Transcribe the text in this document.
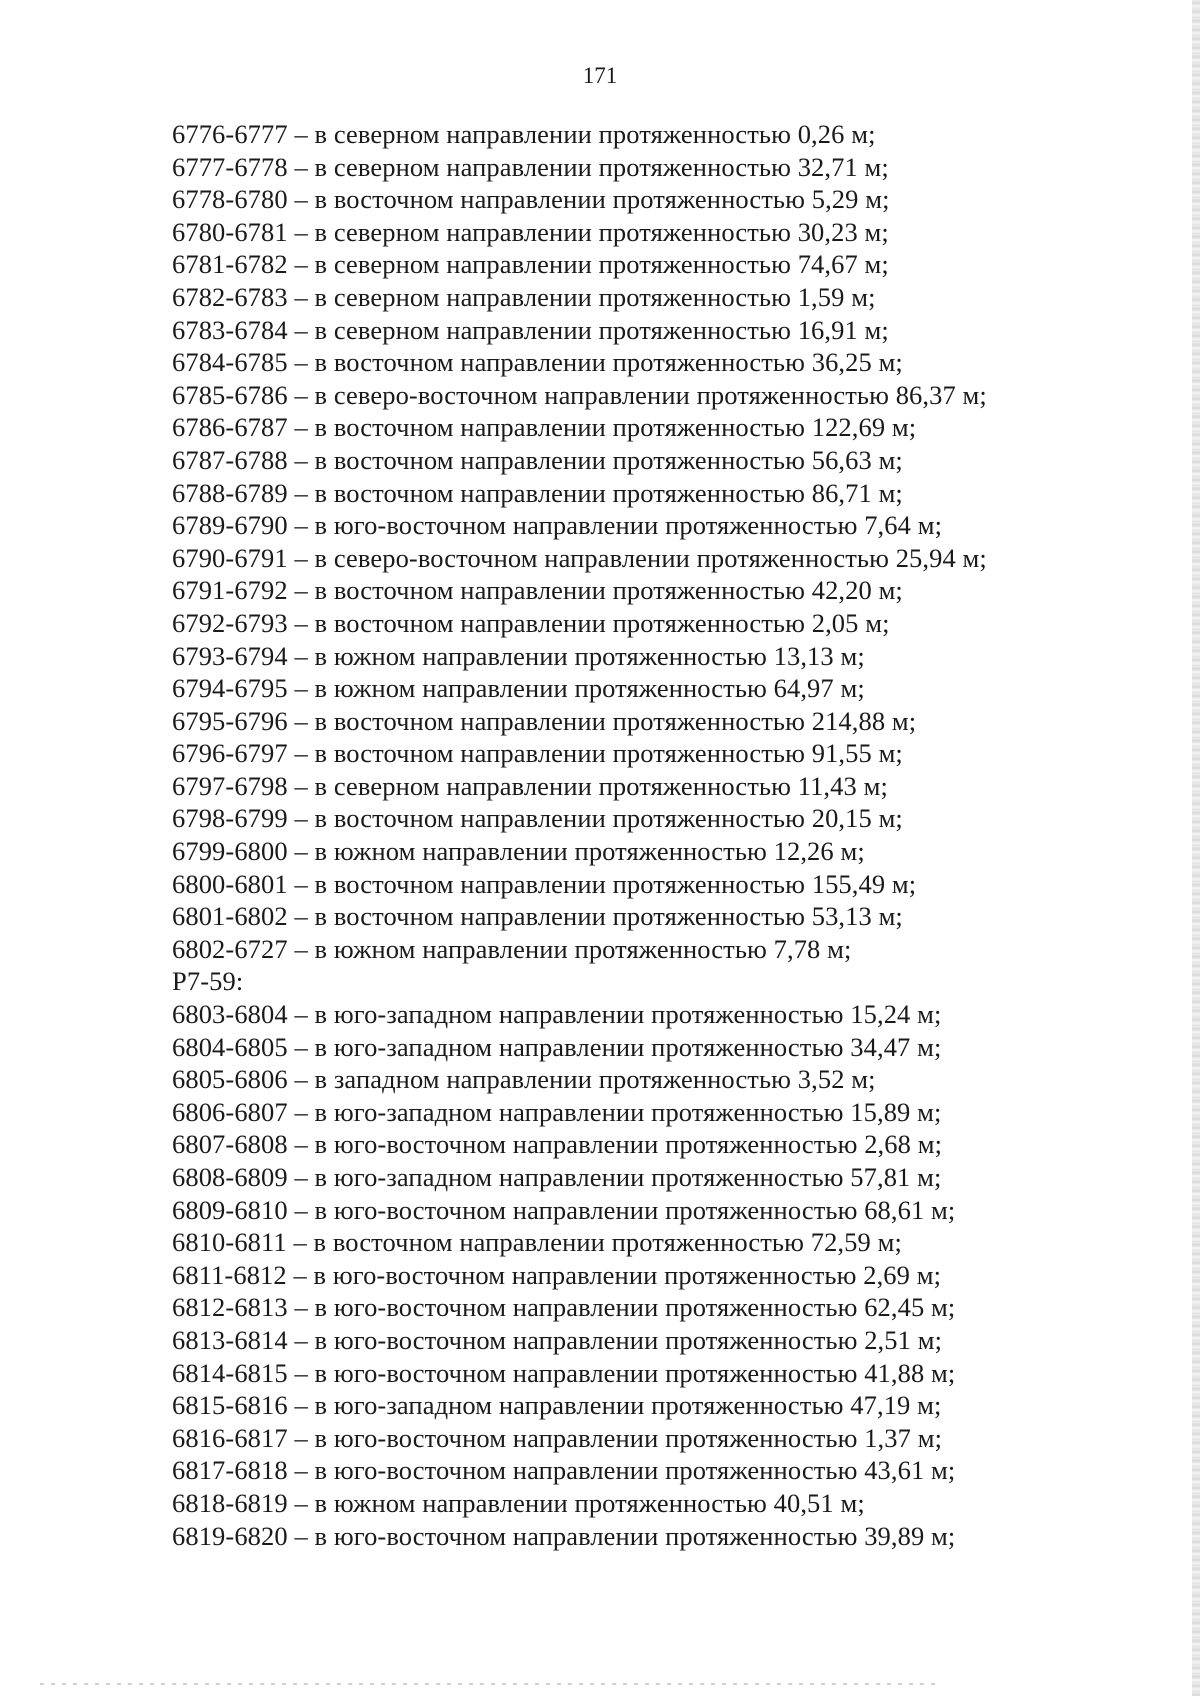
171
6776-6777 – в северном направлении протяженностью 0,26 м;
6777-6778 – в северном направлении протяженностью 32,71 м;
6778-6780 – в восточном направлении протяженностью 5,29 м;
6780-6781 – в северном направлении протяженностью 30,23 м;
6781-6782 – в северном направлении протяженностью 74,67 м;
6782-6783 – в северном направлении протяженностью 1,59 м;
6783-6784 – в северном направлении протяженностью 16,91 м;
6784-6785 – в восточном направлении протяженностью 36,25 м;
6785-6786 – в северо-восточном направлении протяженностью 86,37 м;
6786-6787 – в восточном направлении протяженностью 122,69 м;
6787-6788 – в восточном направлении протяженностью 56,63 м;
6788-6789 – в восточном направлении протяженностью 86,71 м;
6789-6790 – в юго-восточном направлении протяженностью 7,64 м;
6790-6791 – в северо-восточном направлении протяженностью 25,94 м;
6791-6792 – в восточном направлении протяженностью 42,20 м;
6792-6793 – в восточном направлении протяженностью 2,05 м;
6793-6794 – в южном направлении протяженностью 13,13 м;
6794-6795 – в южном направлении протяженностью 64,97 м;
6795-6796 – в восточном направлении протяженностью 214,88 м;
6796-6797 – в восточном направлении протяженностью 91,55 м;
6797-6798 – в северном направлении протяженностью 11,43 м;
6798-6799 – в восточном направлении протяженностью 20,15 м;
6799-6800 – в южном направлении протяженностью 12,26 м;
6800-6801 – в восточном направлении протяженностью 155,49 м;
6801-6802 – в восточном направлении протяженностью 53,13 м;
6802-6727 – в южном направлении протяженностью 7,78 м;
Р7-59:
6803-6804 – в юго-западном направлении протяженностью 15,24 м;
6804-6805 – в юго-западном направлении протяженностью 34,47 м;
6805-6806 – в западном направлении протяженностью 3,52 м;
6806-6807 – в юго-западном направлении протяженностью 15,89 м;
6807-6808 – в юго-восточном направлении протяженностью 2,68 м;
6808-6809 – в юго-западном направлении протяженностью 57,81 м;
6809-6810 – в юго-восточном направлении протяженностью 68,61 м;
6810-6811 – в восточном направлении протяженностью 72,59 м;
6811-6812 – в юго-восточном направлении протяженностью 2,69 м;
6812-6813 – в юго-восточном направлении протяженностью 62,45 м;
6813-6814 – в юго-восточном направлении протяженностью 2,51 м;
6814-6815 – в юго-восточном направлении протяженностью 41,88 м;
6815-6816 – в юго-западном направлении протяженностью 47,19 м;
6816-6817 – в юго-восточном направлении протяженностью 1,37 м;
6817-6818 – в юго-восточном направлении протяженностью 43,61 м;
6818-6819 – в южном направлении протяженностью 40,51 м;
6819-6820 – в юго-восточном направлении протяженностью 39,89 м;
